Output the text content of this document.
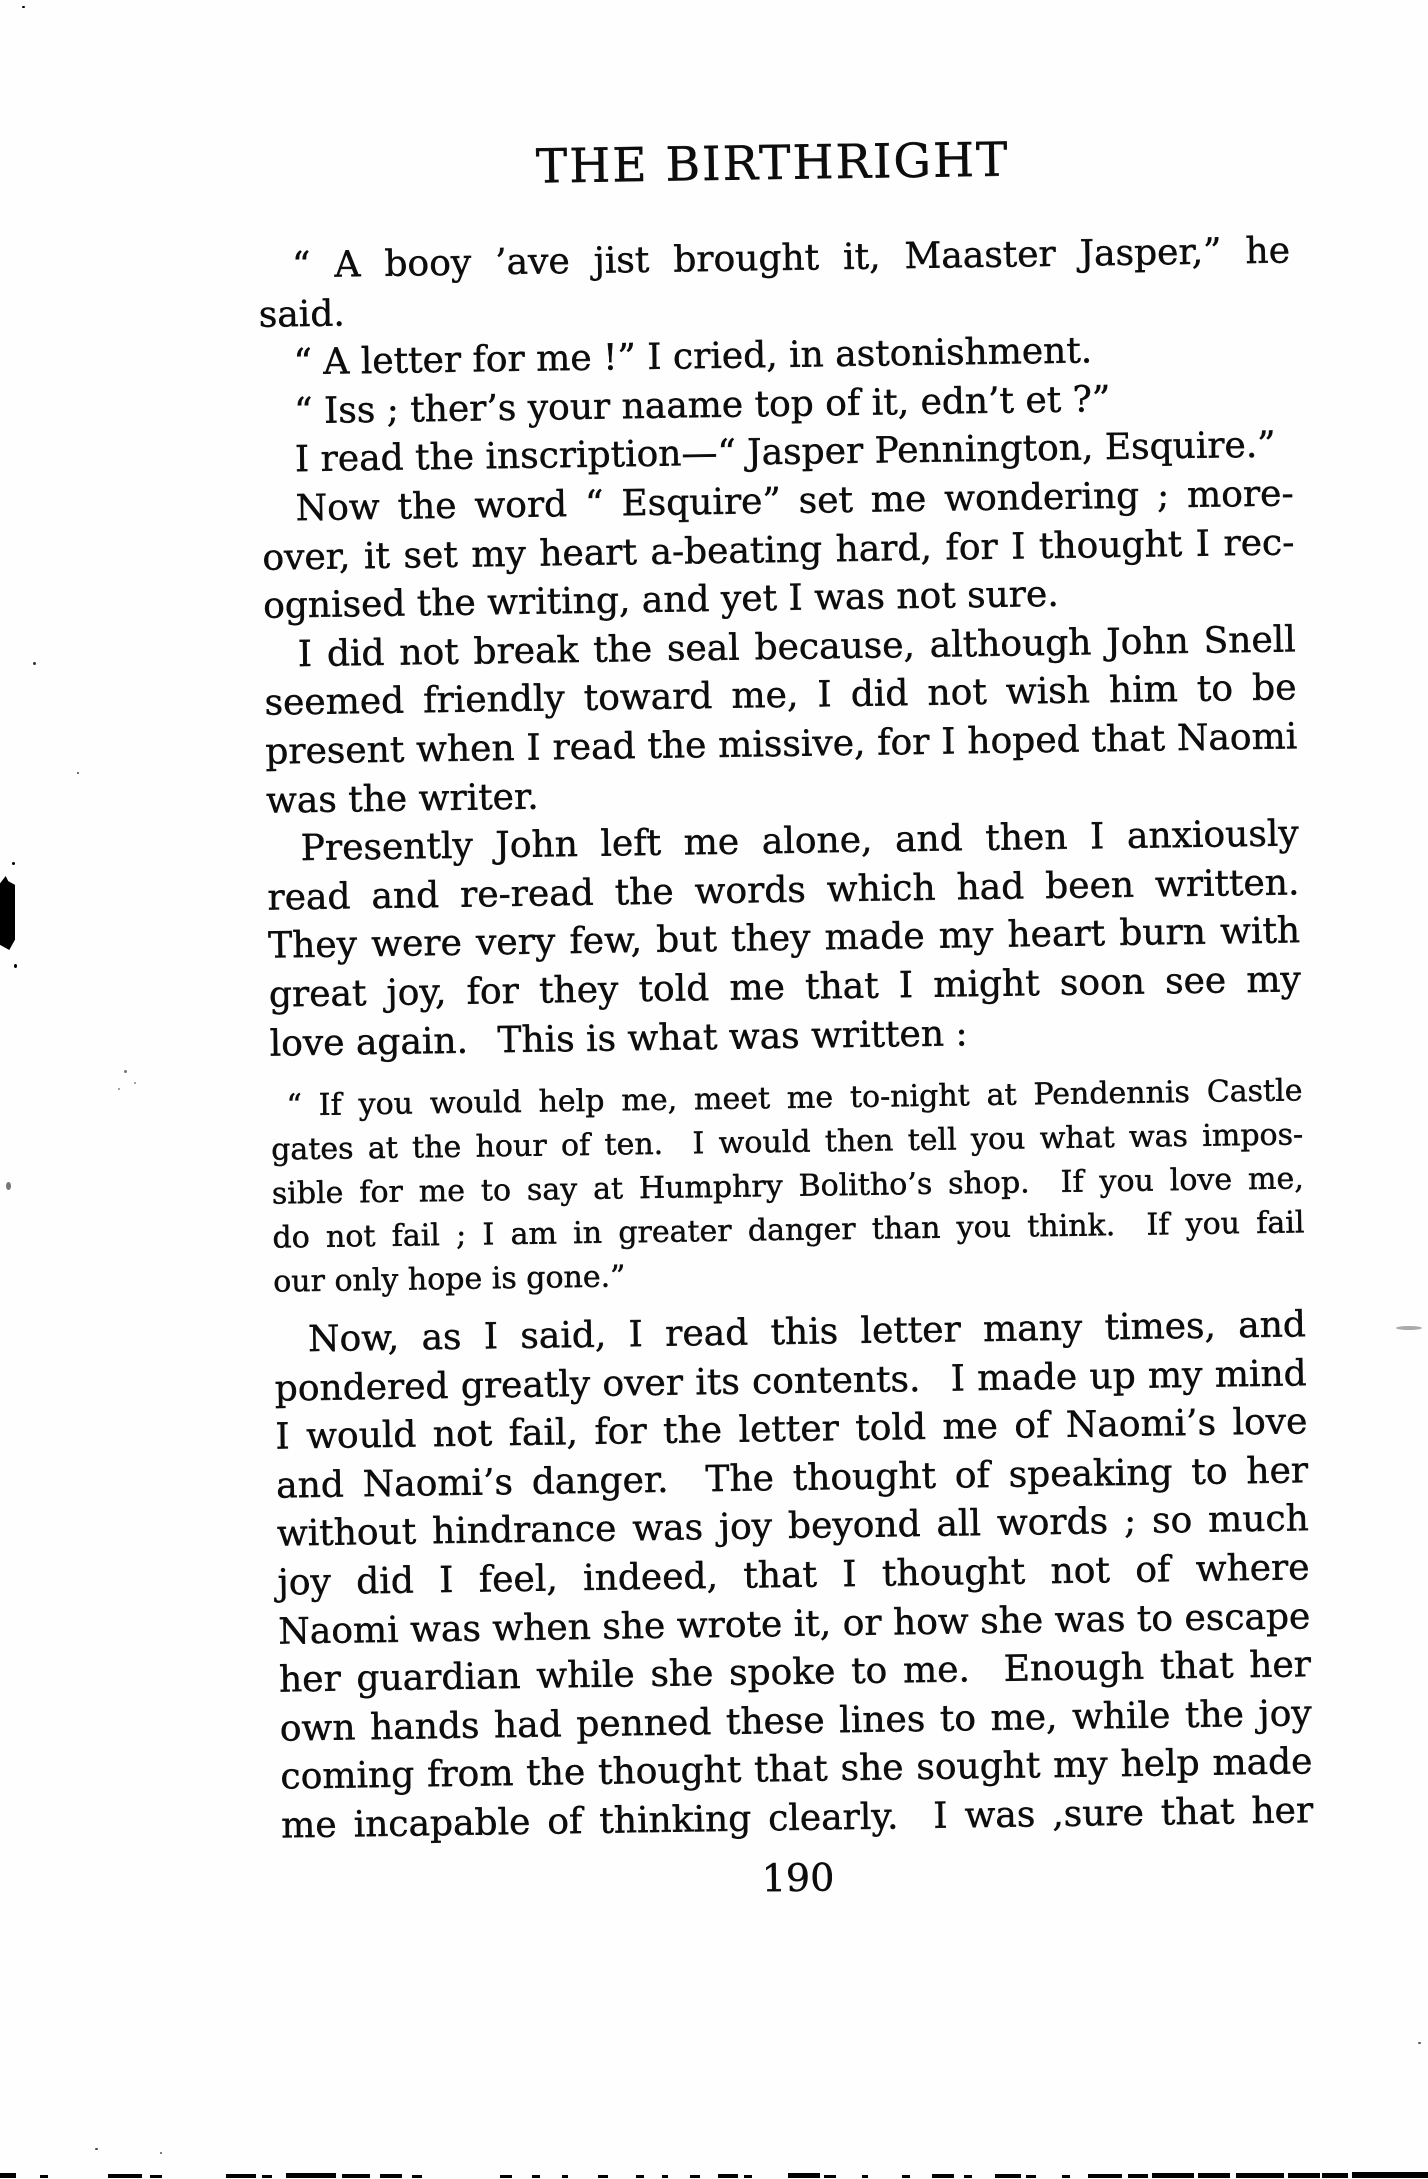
THE BIRTHRIGHT
“ A booy ’ave jist brought it, Maaster Jasper,” he
said.
“ A letter for me !” I cried, in astonishment.
“ Iss ; ther’s your naame top of it, edn’t et ?”
I read the inscription—“ Jasper Pennington, Esquire.”
Now the word “ Esquire” set me wondering ; more-
over, it set my heart a-beating hard, for I thought I rec-
ognised the writing, and yet I was not sure.
I did not break the seal because, although John Snell
seemed friendly toward me, I did not wish him to be
present when I read the missive, for I hoped that Naomi
was the writer.
Presently John left me alone, and then I anxiously
read and re-read the words which had been written.
They were very few, but they made my heart burn with
great joy, for they told me that I might soon see my
love again.  This is what was written :
“ If you would help me, meet me to-night at Pendennis Castle
gates at the hour of ten.  I would then tell you what was impos-
sible for me to say at Humphry Bolitho’s shop.  If you love me,
do not fail ; I am in greater danger than you think.  If you fail
our only hope is gone.”
Now, as I said, I read this letter many times, and
pondered greatly over its contents.  I made up my mind
I would not fail, for the letter told me of Naomi’s love
and Naomi’s danger.  The thought of speaking to her
without hindrance was joy beyond all words ; so much
joy did I feel, indeed, that I thought not of where
Naomi was when she wrote it, or how she was to escape
her guardian while she spoke to me.  Enough that her
own hands had penned these lines to me, while the joy
coming from the thought that she sought my help made
me incapable of thinking clearly.  I was ,sure that her
190
